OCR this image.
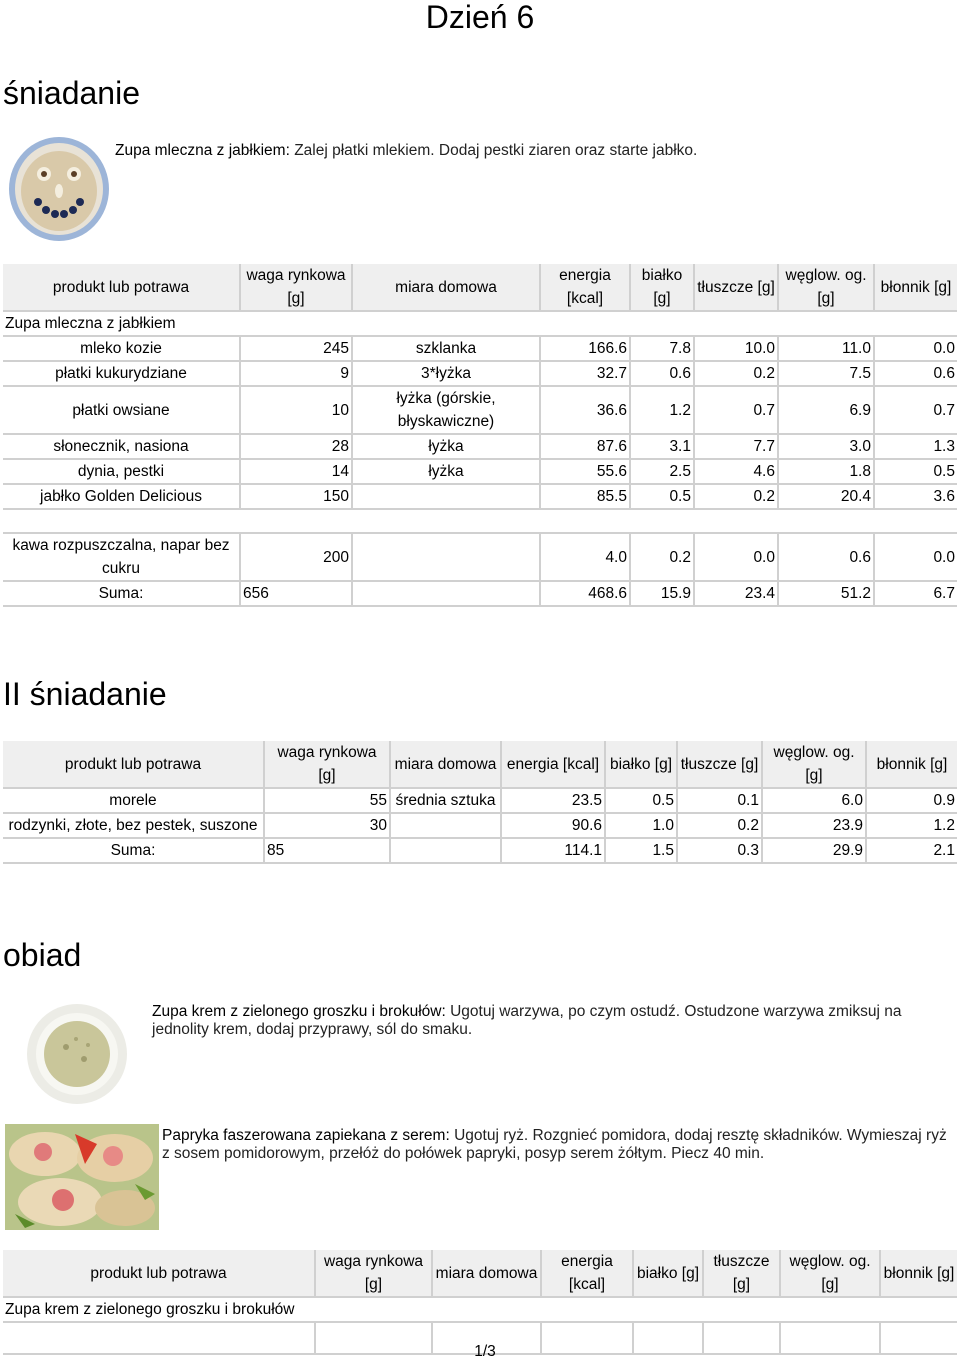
Dzień 6
śniadanie
Zupa mleczna z jabłkiem: Zalej płatki mlekiem. Dodaj pestki ziaren oraz starte jabłko.
produkt lub potrawa	waga rynkowa [g]	miara domowa	energia [kcal]	białko [g]	tłuszcze [g]	węglow. og. [g]	błonnik [g]
Zupa mleczna z jabłkiem							
mleko kozie	245	szklanka	166.6	7.8	10.0	11.0	0.0
płatki kukurydziane	9	3*łyżka	32.7	0.6	0.2	7.5	0.6
płatki owsiane	10	łyżka (górskie, błyskawiczne)	36.6	1.2	0.7	6.9	0.7
słonecznik, nasiona	28	łyżka	87.6	3.1	7.7	3.0	1.3
dynia, pestki	14	łyżka	55.6	2.5	4.6	1.8	0.5
jabłko Golden Delicious	150		85.5	0.5	0.2	20.4	3.6

kawa rozpuszczalna, napar bez cukru	200		4.0	0.2	0.0	0.6	0.0
Suma:	656		468.6	15.9	23.4	51.2	6.7
II śniadanie
produkt lub potrawa	waga rynkowa [g]	miara domowa	energia [kcal]	białko [g]	tłuszcze [g]	węglow. og. [g]	błonnik [g]
morele	55	średnia sztuka	23.5	0.5	0.1	6.0	0.9
rodzynki, złote, bez pestek, suszone	30		90.6	1.0	0.2	23.9	1.2
Suma:	85		114.1	1.5	0.3	29.9	2.1
obiad
Zupa krem z zielonego groszku i brokułów: Ugotuj warzywa, po czym ostudź. Ostudzone warzywa zmiksuj na jednolity krem, dodaj przyprawy, sól do smaku.
Papryka faszerowana zapiekana z serem: Ugotuj ryż. Rozgnieć pomidora, dodaj resztę składników. Wymieszaj ryż z sosem pomidorowym, przełóż do połówek papryki, posyp serem żółtym. Piecz 40 min.
produkt lub potrawa	waga rynkowa [g]	miara domowa	energia [kcal]	białko [g]	tłuszcze [g]	węglow. og. [g]	błonnik [g]
Zupa krem z zielonego groszku i brokułów							

1/3
